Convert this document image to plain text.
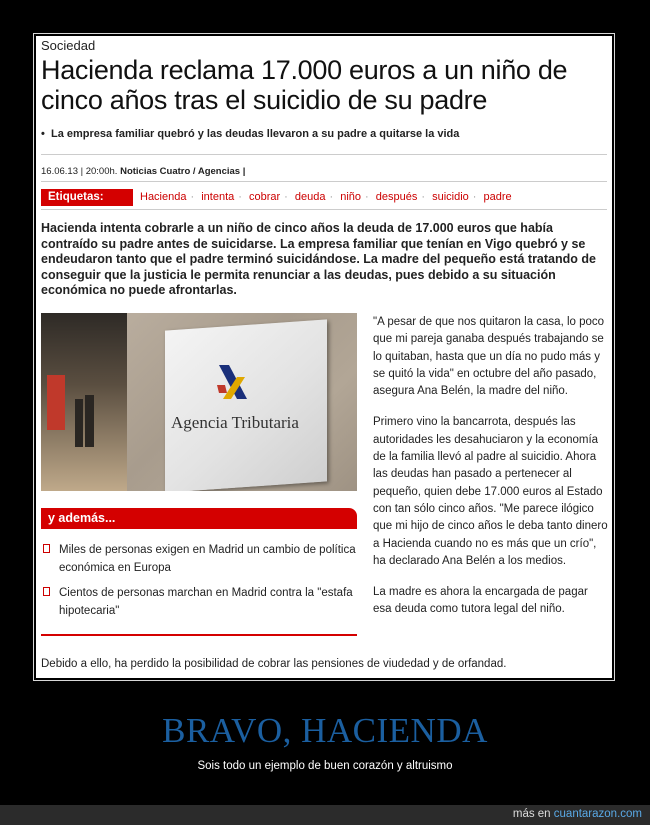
Sociedad
Hacienda reclama 17.000 euros a un niño de cinco años tras el suicidio de su padre
• La empresa familiar quebró y las deudas llevaron a su padre a quitarse la vida
16.06.13 | 20:00h. Noticias Cuatro / Agencias |
Etiquetas:	Hacienda · intenta · cobrar · deuda · niño · después · suicidio · padre
Hacienda intenta cobrarle a un niño de cinco años la deuda de 17.000 euros que había contraído su padre antes de suicidarse. La empresa familiar que tenían en Vigo quebró y se endeudaron tanto que el padre terminó suicidándose. La madre del pequeño está tratando de conseguir que la justicia le permita renunciar a las deudas, pues debido a su situación económica no puede afrontarlas.
Agencia Tributaria
y además...
Miles de personas exigen en Madrid un cambio de política económica en Europa
Cientos de personas marchan en Madrid contra la "estafa hipotecaria"

"A pesar de que nos quitaron la casa, lo poco que mi pareja ganaba después trabajando se lo quitaban, hasta que un día no pudo más y se quitó la vida" en octubre del año pasado, asegura Ana Belén, la madre del niño.

Primero vino la bancarrota, después las autoridades les desahuciaron y la economía de la familia llevó al padre al suicidio. Ahora las deudas han pasado a pertenecer al pequeño, quien debe 17.000 euros al Estado con tan sólo cinco años. "Me parece ilógico que mi hijo de cinco años le deba tanto dinero a Hacienda cuando no es más que un crío", ha declarado Ana Belén a los medios.

La madre es ahora la encargada de pagar esa deuda como tutora legal del niño.

Debido a ello, ha perdido la posibilidad de cobrar las pensiones de viudedad y de orfandad.
BRAVO, HACIENDA
Sois todo un ejemplo de buen corazón y altruismo
más en cuantarazon.com
